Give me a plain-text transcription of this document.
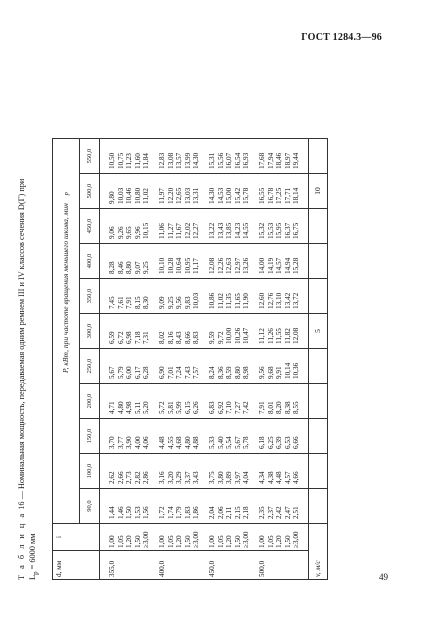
ГОСТ 1284.3—96
Т а б л и ц а 16 — Номинальная мощность, передаваемая одним ремнем III и IV классов сечения D(Г) при
$L_p = 6000$ мм	d, мм	i	P, кВт, при частоте вращения меньшего шкива, мин p										
		90,0	100,0	150,0	200,0	250,0	300,0	350,0	400,0	450,0	500,0	550,0

355,0	1,00 1,05 1,20 1,50 ≥3,00	1,44 1,46 1,50 1,53 1,56	2,62 2,66 2,73 2,82 2,86	3,70 3,77 3,90 4,00 4,06	4,71 4,80 4,98 5,11 5,20	5,67 5,79 6,00 6,17 6,28	6,59 6,72 6,98 7,18 7,31	7,45 7,61 7,91 8,15 8,30	8,28 8,46 8,80 9,07 9,25	9,06 9,26 9,65 9,96 10,15	9,80 10,03 10,46 10,80 11,02	10,50 10,75 11,23 11,60 11,84

400,0	1,00 1,05 1,20 1,50 ≥3,00	1,72 1,74 1,79 1,83 1,86	3,16 3,20 3,29 3,37 3,43	4,48 4,55 4,68 4,80 4,88	5,72 5,81 5,99 6,15 6,26	6,90 7,01 7,24 7,43 7,57	8,02 8,16 8,43 8,66 8,83	9,09 9,25 9,56 9,83 10,03	10,10 10,28 10,64 10,95 11,17	11,06 11,27 11,67 12,02 12,27	11,97 12,20 12,65 13,03 13,31	12,83 13,08 13,57 13,99 14,30

450,0	1,00 1,05 1,20 1,50 ≥3,00	2,04 2,06 2,11 2,15 2,18	3,75 3,80 3,89 3,97 4,04	5,33 5,40 5,54 5,67 5,78	6,83 6,92 7,10 7,27 7,42	8,24 8,36 8,59 8,80 8,98	9,59 9,72 10,00 10,26 10,47	10,86 11,02 11,35 11,65 11,90	12,08 12,26 12,63 12,97 13,26	13,22 13,43 13,85 14,23 14,55	14,30 14,53 15,00 15,42 15,78	15,31 15,56 16,07 16,54 16,93

500,0	1,00 1,05 1,20 1,50 ≥3,00	2,35 2,37 2,42 2,47 2,51	4,34 4,38 4,48 4,57 4,66	6,18 6,25 6,39 6,53 6,66	7,91 8,01 8,20 8,38 8,55	9,56 9,68 9,91 10,14 10,36	11,12 11,26 11,55 11,82 12,08	12,60 12,76 13,10 13,42 13,72	14,00 14,19 14,57 14,94 15,28	15,32 15,53 15,95 16,37 16,75	16,55 16,78 17,25 17,71 18,14	17,68 17,94 18,46 18,97 19,44

v, м/с							5				10	
49
